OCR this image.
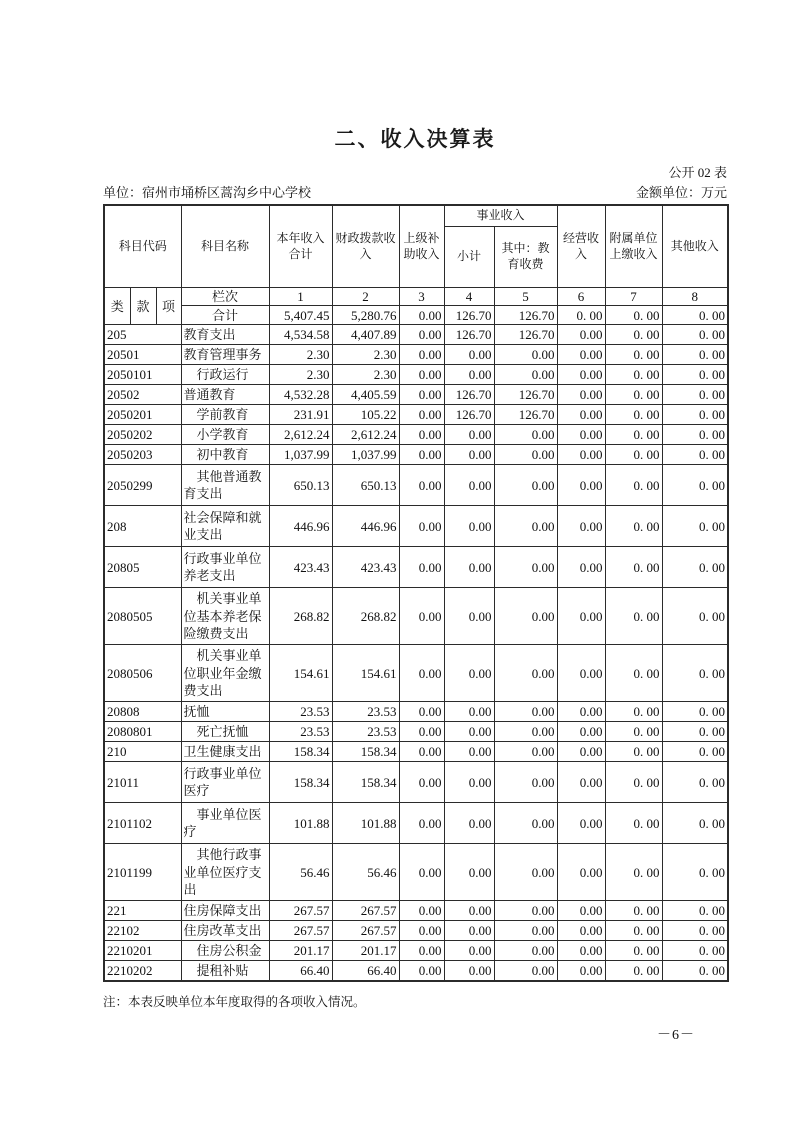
二、收入决算表
公开 02 表
单位：宿州市埇桥区蒿沟乡中心学校	金额单位：万元
科目代码			科目名称	本年收入合计	财政拨款收入	上级补助收入	事业收入		经营收入	附属单位上缴收入	其他收入
							小计	其中：教育收费			
类	款	项	栏次	1	2	3	4	5	6	7	8
			合计	5,407.45	5,280.76	0.00	126.70	126.70	0. 00	0. 00	0. 00
205			教育支出	4,534.58	4,407.89	0.00	126.70	126.70	0.00	0. 00	0. 00
20501			教育管理事务	2.30	2.30	0.00	0.00	0.00	0.00	0. 00	0. 00
2050101			行政运行	2.30	2.30	0.00	0.00	0.00	0.00	0. 00	0. 00
20502			普通教育	4,532.28	4,405.59	0.00	126.70	126.70	0.00	0. 00	0. 00
2050201			学前教育	231.91	105.22	0.00	126.70	126.70	0.00	0. 00	0. 00
2050202			小学教育	2,612.24	2,612.24	0.00	0.00	0.00	0.00	0. 00	0. 00
2050203			初中教育	1,037.99	1,037.99	0.00	0.00	0.00	0.00	0. 00	0. 00
2050299			其他普通教育支出	650.13	650.13	0.00	0.00	0.00	0.00	0. 00	0. 00
208			社会保障和就业支出	446.96	446.96	0.00	0.00	0.00	0.00	0. 00	0. 00
20805			行政事业单位养老支出	423.43	423.43	0.00	0.00	0.00	0.00	0. 00	0. 00
2080505			机关事业单位基本养老保险缴费支出	268.82	268.82	0.00	0.00	0.00	0.00	0. 00	0. 00
2080506			机关事业单位职业年金缴费支出	154.61	154.61	0.00	0.00	0.00	0.00	0. 00	0. 00
20808			抚恤	23.53	23.53	0.00	0.00	0.00	0.00	0. 00	0. 00
2080801			死亡抚恤	23.53	23.53	0.00	0.00	0.00	0.00	0. 00	0. 00
210			卫生健康支出	158.34	158.34	0.00	0.00	0.00	0.00	0. 00	0. 00
21011			行政事业单位医疗	158.34	158.34	0.00	0.00	0.00	0.00	0. 00	0. 00
2101102			事业单位医疗	101.88	101.88	0.00	0.00	0.00	0.00	0. 00	0. 00
2101199			其他行政事业单位医疗支出	56.46	56.46	0.00	0.00	0.00	0.00	0. 00	0. 00
221			住房保障支出	267.57	267.57	0.00	0.00	0.00	0.00	0. 00	0. 00
22102			住房改革支出	267.57	267.57	0.00	0.00	0.00	0.00	0. 00	0. 00
2210201			住房公积金	201.17	201.17	0.00	0.00	0.00	0.00	0. 00	0. 00
2210202			提租补贴	66.40	66.40	0.00	0.00	0.00	0.00	0. 00	0. 00
注：本表反映单位本年度取得的各项收入情况。
－6－
